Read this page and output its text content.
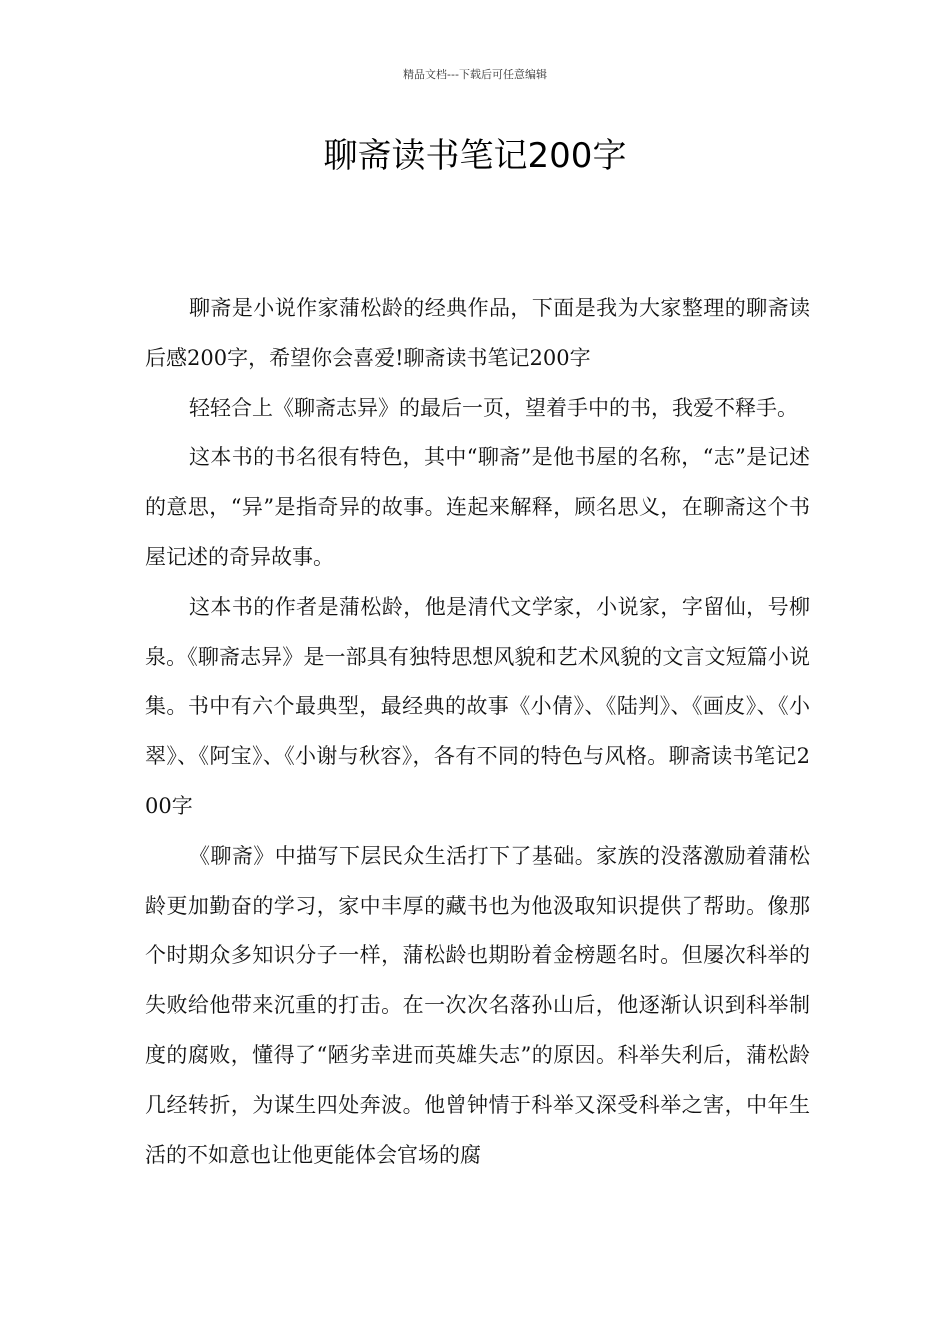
精品文档---下载后可任意编辑
聊斋读书笔记200字

聊斋是小说作家蒲松龄的经典作品，下面是我为大家整理的聊斋读后感200字，希望你会喜爱!聊斋读书笔记200字

轻轻合上《聊斋志异》的最后一页，望着手中的书，我爱不释手。

这本书的书名很有特色，其中“聊斋”是他书屋的名称，“志”是记述的意思，“异”是指奇异的故事。连起来解释，顾名思义，在聊斋这个书屋记述的奇异故事。

这本书的作者是蒲松龄，他是清代文学家，小说家，字留仙，号柳泉。《聊斋志异》是一部具有独特思想风貌和艺术风貌的文言文短篇小说集。书中有六个最典型，最经典的故事《小倩》、《陆判》、《画皮》、《小翠》、《阿宝》、《小谢与秋容》，各有不同的特色与风格。聊斋读书笔记200字

《聊斋》中描写下层民众生活打下了基础。家族的没落激励着蒲松龄更加勤奋的学习，家中丰厚的藏书也为他汲取知识提供了帮助。像那个时期众多知识分子一样，蒲松龄也期盼着金榜题名时。但屡次科举的失败给他带来沉重的打击。在一次次名落孙山后，他逐渐认识到科举制度的腐败，懂得了“陋劣幸进而英雄失志”的原因。科举失利后，蒲松龄几经转折，为谋生四处奔波。他曾钟情于科举又深受科举之害，中年生活的不如意也让他更能体会官场的腐
